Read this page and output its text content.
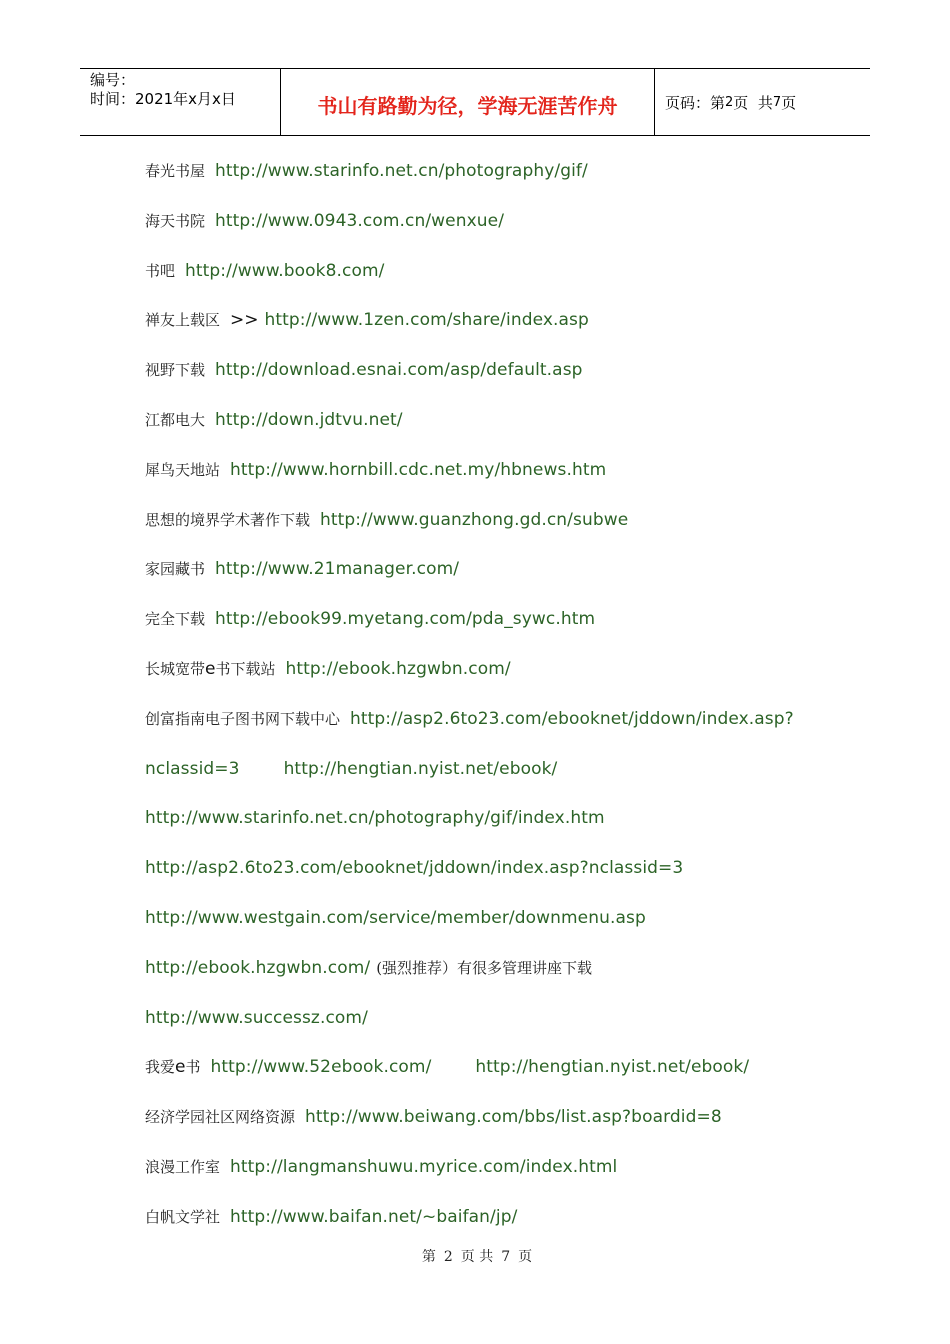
编号：
时间：2021年x月x日	书山有路勤为径，学海无涯苦作舟	页码：第 2 页  共 7 页
春光书屋 http://www.starinfo.net.cn/photography/gif/
海天书院 http://www.0943.com.cn/wenxue/
书吧 http://www.book8.com/
禅友上载区 >> http://www.1zen.com/share/index.asp
视野下载 http://download.esnai.com/asp/default.asp
江都电大 http://down.jdtvu.net/
犀鸟天地站 http://www.hornbill.cdc.net.my/hbnews.htm
思想的境界学术著作下载 http://www.guanzhong.gd.cn/subwe
家园藏书 http://www.21manager.com/
完全下载 http://ebook99.myetang.com/pda_sywc.htm
长城宽带e书下载站 http://ebook.hzgwbn.com/
创富指南电子图书网下载中心 http://asp2.6to23.com/ebooknet/jddown/index.asp?
nclassid=3	http://hengtian.nyist.net/ebook/
http://www.starinfo.net.cn/photography/gif/index.htm
http://asp2.6to23.com/ebooknet/jddown/index.asp?nclassid=3
http://www.westgain.com/service/member/downmenu.asp
http://ebook.hzgwbn.com/ (强烈推荐）有很多管理讲座下载
http://www.successz.com/
我爱e书 http://www.52ebook.com/	http://hengtian.nyist.net/ebook/
经济学园社区网络资源 http://www.beiwang.com/bbs/list.asp?boardid=8
浪漫工作室 http://langmanshuwu.myrice.com/index.html
白帆文学社 http://www.baifan.net/~baifan/jp/
第 2 页 共 7 页
